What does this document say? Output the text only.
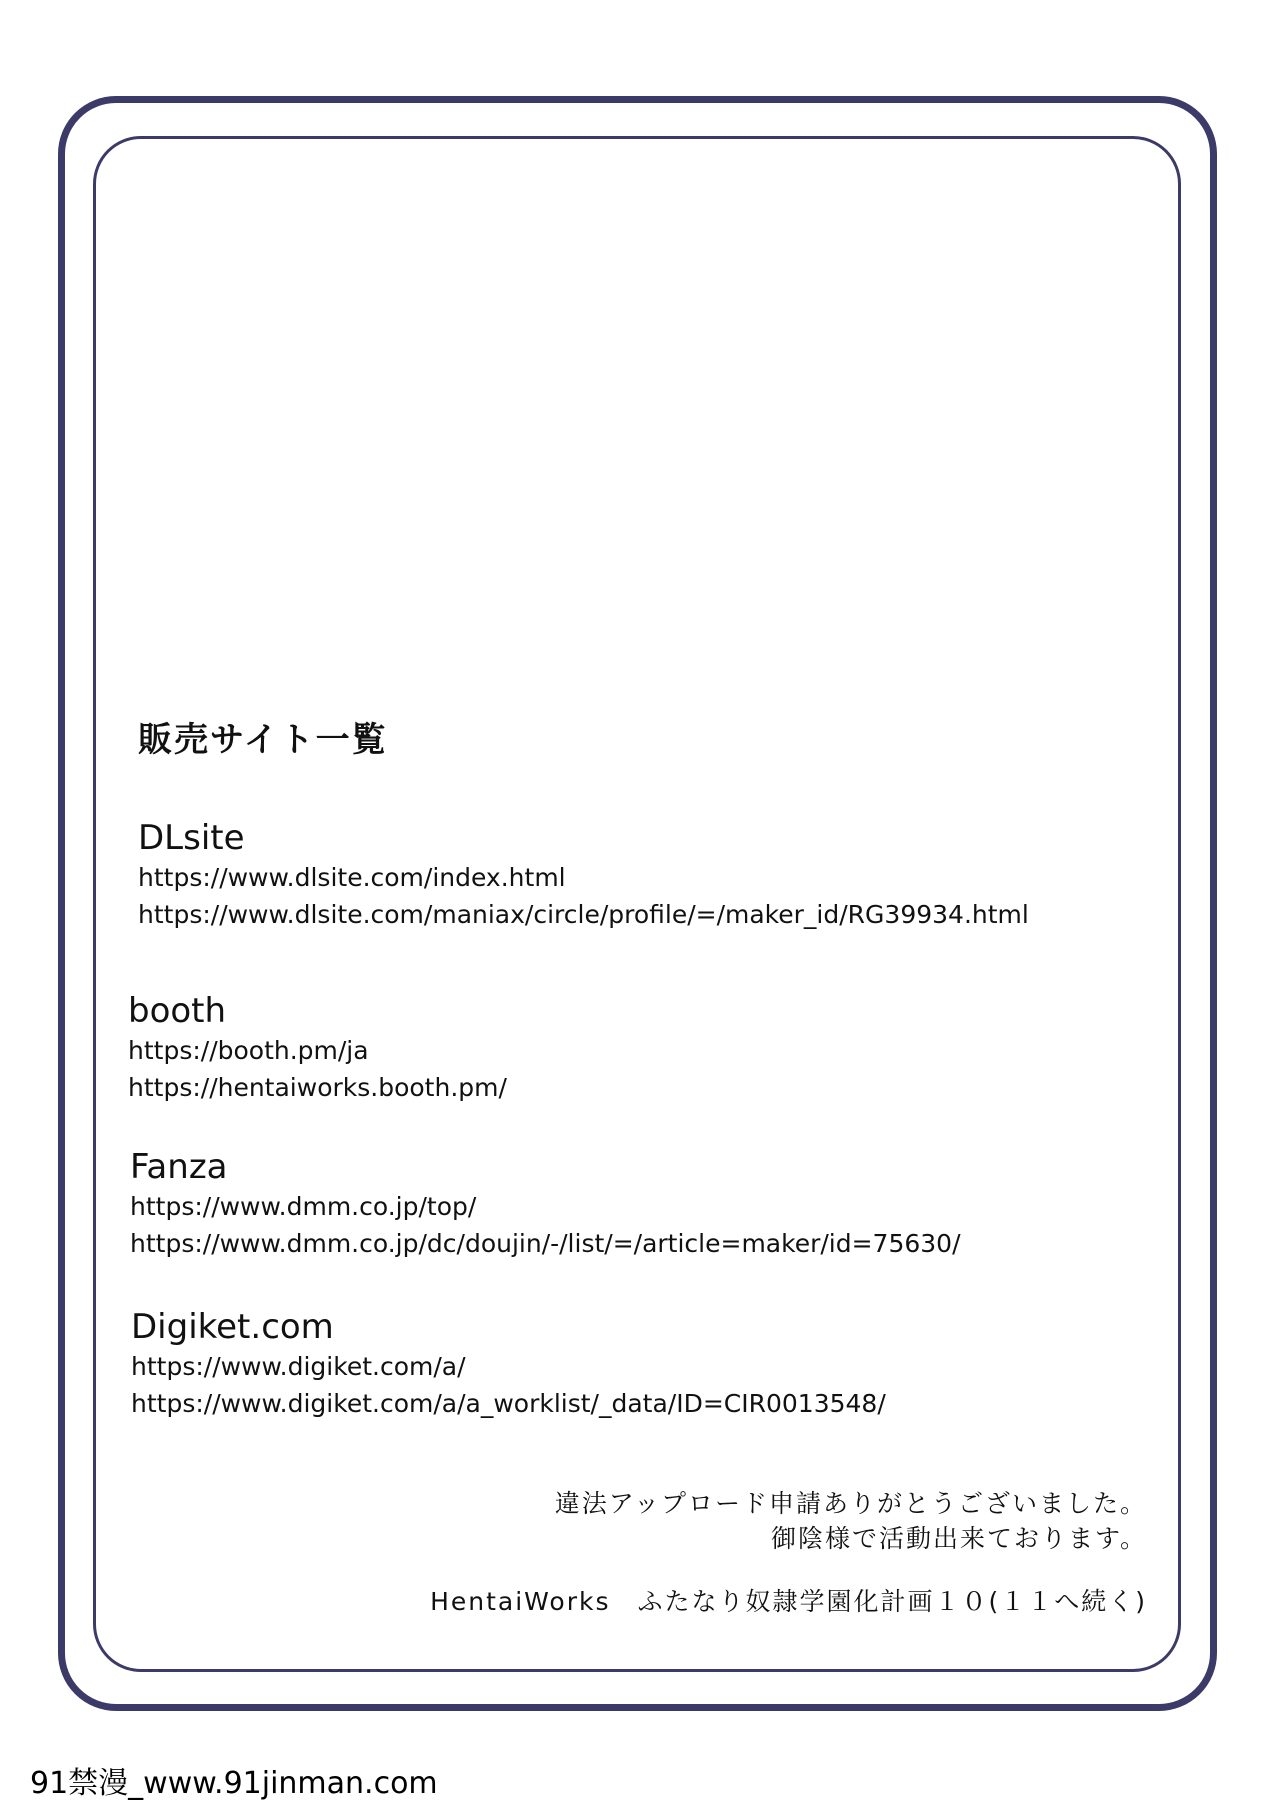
販売サイト一覧
DLsite
https://www.dlsite.com/index.html
https://www.dlsite.com/maniax/circle/profile/=/maker_id/RG39934.html
booth
https://booth.pm/ja
https://hentaiworks.booth.pm/
Fanza
https://www.dmm.co.jp/top/
https://www.dmm.co.jp/dc/doujin/-/list/=/article=maker/id=75630/
Digiket.com
https://www.digiket.com/a/
https://www.digiket.com/a/a_worklist/_data/ID=CIR0013548/
違法アップロード申請ありがとうございました。
御陰様で活動出来ております。
HentaiWorks　ふたなり奴隷学園化計画１０(１１へ続く)
91禁漫_www.91jinman.com
